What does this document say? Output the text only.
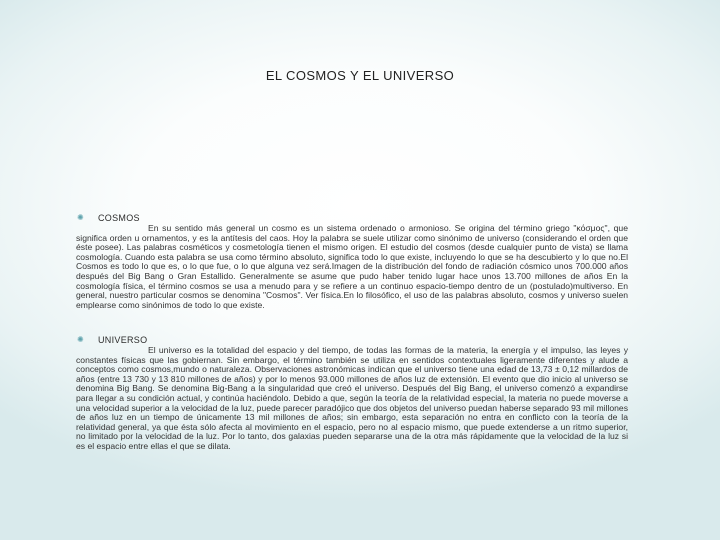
EL COSMOS Y EL UNIVERSO
✺ COSMOS

En su sentido más general un cosmo es un sistema ordenado o armonioso. Se origina del término griego "κόσμος", que significa orden u ornamentos, y es la antítesis del caos. Hoy la palabra se suele utilizar como sinónimo de universo (considerando el orden que éste posee). Las palabras cosméticos y cosmetología tienen el mismo origen. El estudio del cosmos (desde cualquier punto de vista) se llama cosmología. Cuando esta palabra se usa como término absoluto, significa todo lo que existe, incluyendo lo que se ha descubierto y lo que no.El Cosmos es todo lo que es, o lo que fue, o lo que alguna vez será.Imagen de la distribución del fondo de radiación cósmico unos 700.000 años después del Big Bang o Gran Estallido. Generalmente se asume que pudo haber tenido lugar hace unos 13.700 millones de años En la cosmología física, el término cosmos se usa a menudo para y se refiere a un continuo espacio-tiempo dentro de un (postulado)multiverso. En general, nuestro particular cosmos se denomina "Cosmos". Ver física.En lo filosófico, el uso de las palabras absoluto, cosmos y universo suelen emplearse como sinónimos de todo lo que existe.

✺ UNIVERSO

El universo es la totalidad del espacio y del tiempo, de todas las formas de la materia, la energía y el impulso, las leyes y constantes físicas que las gobiernan. Sin embargo, el término también se utiliza en sentidos contextuales ligeramente diferentes y alude a conceptos como cosmos,mundo o naturaleza. Observaciones astronómicas indican que el universo tiene una edad de 13,73 ± 0,12 millardos de años (entre 13 730 y 13 810 millones de años) y por lo menos 93.000 millones de años luz de extensión. El evento que dio inicio al universo se denomina Big Bang. Se denomina Big-Bang a la singularidad que creó el universo. Después del Big Bang, el universo comenzó a expandirse para llegar a su condición actual, y continúa haciéndolo. Debido a que, según la teoría de la relatividad especial, la materia no puede moverse a una velocidad superior a la velocidad de la luz, puede parecer paradójico que dos objetos del universo puedan haberse separado 93 mil millones de años luz en un tiempo de únicamente 13 mil millones de años; sin embargo, esta separación no entra en conflicto con la teoría de la relatividad general, ya que ésta sólo afecta al movimiento en el espacio, pero no al espacio mismo, que puede extenderse a un ritmo superior, no limitado por la velocidad de la luz. Por lo tanto, dos galaxias pueden separarse una de la otra más rápidamente que la velocidad de la luz si es el espacio entre ellas el que se dilata.
